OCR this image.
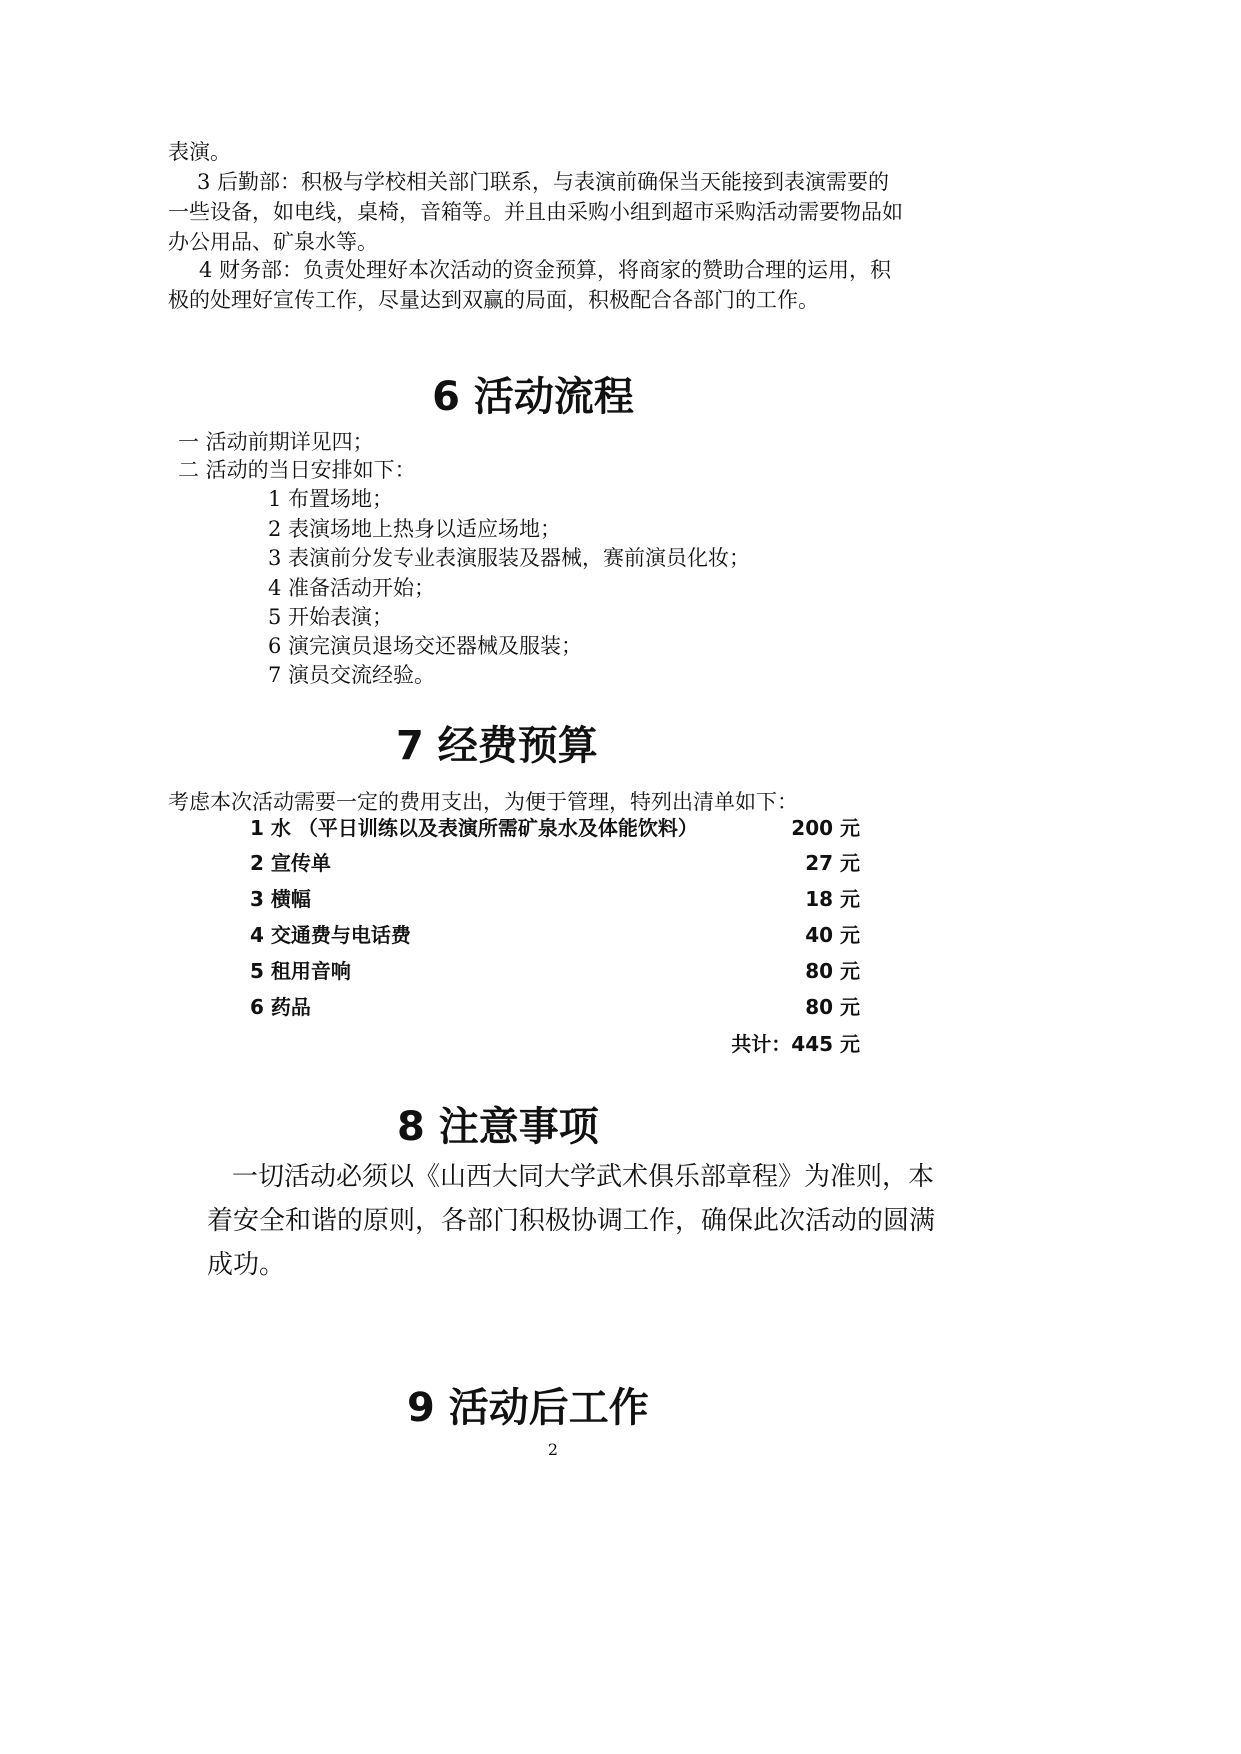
表演。
3 后勤部：积极与学校相关部门联系，与表演前确保当天能接到表演需要的
一些设备，如电线，桌椅，音箱等。并且由采购小组到超市采购活动需要物品如
办公用品、矿泉水等。
4 财务部：负责处理好本次活动的资金预算，将商家的赞助合理的运用，积
极的处理好宣传工作，尽量达到双赢的局面，积极配合各部门的工作。
6 活动流程
一 活动前期详见四；
二 活动的当日安排如下：
1 布置场地；
2 表演场地上热身以适应场地；
3 表演前分发专业表演服装及器械，赛前演员化妆；
4 准备活动开始；
5 开始表演；
6 演完演员退场交还器械及服装；
7 演员交流经验。
7 经费预算
考虑本次活动需要一定的费用支出，为便于管理，特列出清单如下：
1 水 （平日训练以及表演所需矿泉水及体能饮料）	200 元
2 宣传单	27 元
3 横幅	18 元
4 交通费与电话费	40 元
5 租用音响	80 元
6 药品	80 元
共计：445 元
8 注意事项
一切活动必须以《山西大同大学武术俱乐部章程》为准则，本
着安全和谐的原则，各部门积极协调工作，确保此次活动的圆满
成功。
9 活动后工作
2
